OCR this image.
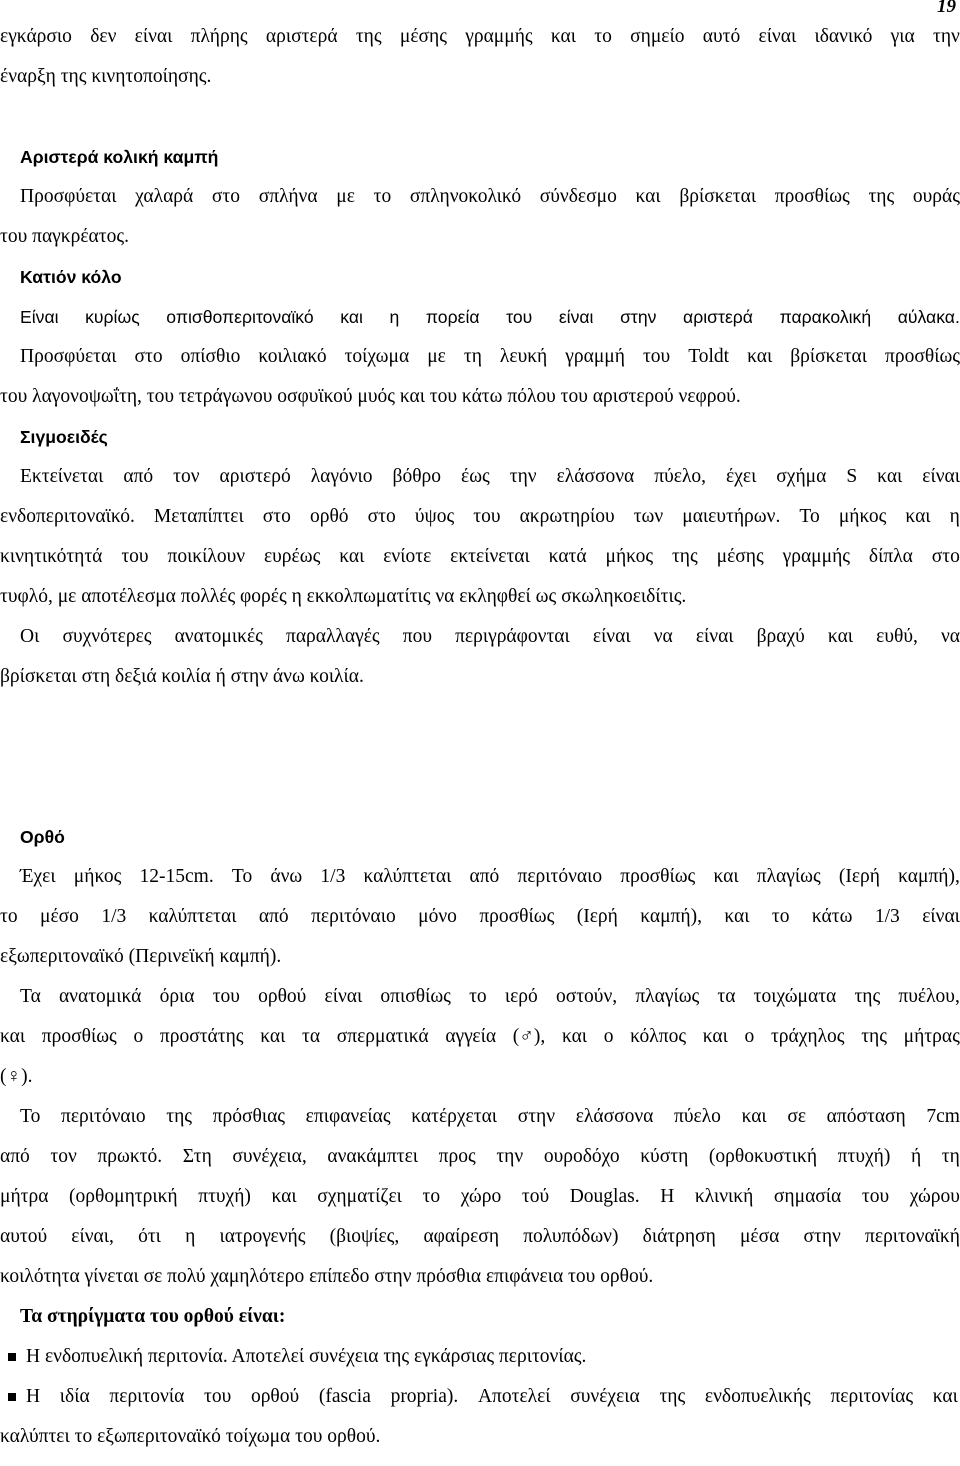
19
εγκάρσιο δεν είναι πλήρης αριστερά της μέσης γραμμής και το σημείο αυτό είναι ιδανικό για την
έναρξη της κινητοποίησης.
Αριστερά κολική καμπή
Προσφύεται χαλαρά στο σπλήνα με το σπληνοκολικό σύνδεσμο και βρίσκεται προσθίως της ουράς
του παγκρέατος.
Κατιόν κόλο
Είναι κυρίως οπισθοπεριτοναϊκό και η πορεία του είναι στην αριστερά παρακολική αύλακα.
Προσφύεται στο οπίσθιο κοιλιακό τοίχωμα με τη λευκή γραμμή του Toldt και βρίσκεται προσθίως
του λαγονοψωΐτη, του τετράγωνου οσφυϊκού μυός και του κάτω πόλου του αριστερού νεφρού.
Σιγμοειδές
Εκτείνεται από τον αριστερό λαγόνιο βόθρο έως την ελάσσονα πύελο, έχει σχήμα S και είναι
ενδοπεριτοναϊκό. Μεταπίπτει στο ορθό στο ύψος του ακρωτηρίου των μαιευτήρων. Το μήκος και η
κινητικότητά του ποικίλουν ευρέως και ενίοτε εκτείνεται κατά μήκος της μέσης γραμμής δίπλα στο
τυφλό, με αποτέλεσμα πολλές φορές η εκκολπωματίτις να εκληφθεί ως σκωληκοειδίτις.
Οι συχνότερες ανατομικές παραλλαγές που περιγράφονται είναι να είναι βραχύ και ευθύ, να
βρίσκεται στη δεξιά κοιλία ή στην άνω κοιλία.
Ορθό
Έχει μήκος 12-15cm. Το άνω 1/3 καλύπτεται από περιτόναιο προσθίως και πλαγίως (Ιερή καμπή),
το μέσο 1/3 καλύπτεται από περιτόναιο μόνο προσθίως (Ιερή καμπή), και το κάτω 1/3 είναι
εξωπεριτοναϊκό (Περινεϊκή καμπή).
Τα ανατομικά όρια του ορθού είναι οπισθίως το ιερό οστούν, πλαγίως τα τοιχώματα της πυέλου,
και προσθίως ο προστάτης και τα σπερματικά αγγεία (♂), και ο κόλπος και ο τράχηλος της μήτρας
(♀).
Το περιτόναιο της πρόσθιας επιφανείας κατέρχεται στην ελάσσονα πύελο και σε απόσταση 7cm
από τον πρωκτό. Στη συνέχεια, ανακάμπτει προς την ουροδόχο κύστη (ορθοκυστική πτυχή) ή τη
μήτρα (ορθομητρική πτυχή) και σχηματίζει το χώρο τού Douglas. Η κλινική σημασία του χώρου
αυτού είναι, ότι η ιατρογενής (βιοψίες, αφαίρεση πολυπόδων) διάτρηση μέσα στην περιτοναϊκή
κοιλότητα γίνεται σε πολύ χαμηλότερο επίπεδο στην πρόσθια επιφάνεια του ορθού.
Τα στηρίγματα του ορθού είναι:
Η ενδοπυελική περιτονία. Αποτελεί συνέχεια της εγκάρσιας περιτονίας.
Η ιδία περιτονία του ορθού (fascia propria). Αποτελεί συνέχεια της ενδοπυελικής περιτονίας και
καλύπτει το εξωπεριτοναϊκό τοίχωμα του ορθού.
